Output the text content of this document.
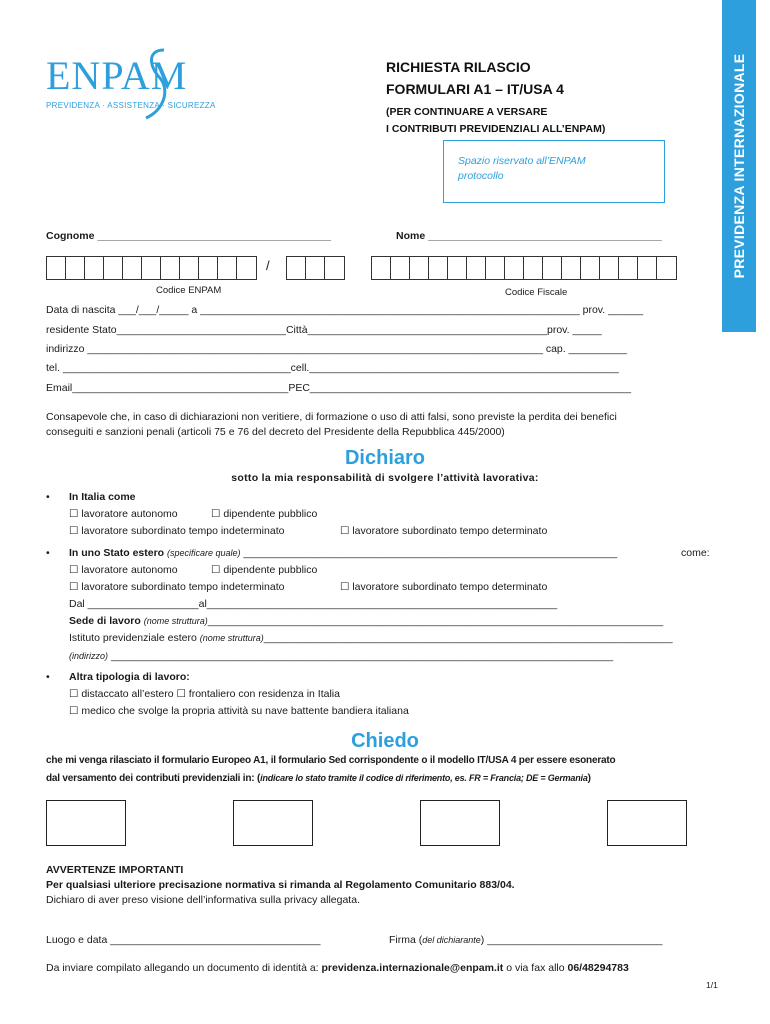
PREVIDENZA INTERNAZIONALE
ENPAM
PREVIDENZA · ASSISTENZA · SICUREZZA
RICHIESTA RILASCIO
FORMULARI A1 – IT/USA 4
(PER CONTINUARE A VERSARE
I CONTRIBUTI PREVIDENZIALI ALL’ENPAM)
Spazio riservato all’ENPAM
protocollo
Cognome ________________________________________	Nome ________________________________________
/
Codice ENPAM	Codice Fiscale
Data di nascita ___/___/_____ a _________________________________________________________________ prov. ______
residente Stato_____________________________Città_________________________________________prov. _____
indirizzo ______________________________________________________________________________ cap. __________
tel. _______________________________________cell._____________________________________________________
Email_____________________________________PEC_______________________________________________________
Consapevole che, in caso di dichiarazioni non veritiere, di formazione o uso di atti falsi, sono previste la perdita dei benefici
conseguiti e sanzioni penali (articoli 75 e 76 del decreto del Presidente della Repubblica 445/2000)
Dichiaro
sotto la mia responsabilità di svolgere l’attività lavorativa:
• In Italia come
☐ lavoratore autonomo	☐ dipendente pubblico
☐ lavoratore subordinato tempo indeterminato	☐ lavoratore subordinato tempo determinato
• In uno Stato estero (specificare quale) ________________________________________________________________	come:
☐ lavoratore autonomo	☐ dipendente pubblico
☐ lavoratore subordinato tempo indeterminato	☐ lavoratore subordinato tempo determinato
Dal ___________________al____________________________________________________________
Sede di lavoro (nome struttura)______________________________________________________________________________
Istituto previdenziale estero (nome struttura)______________________________________________________________________
(indirizzo) ______________________________________________________________________________________
• Altra tipologia di lavoro:
☐ distaccato all’estero ☐ frontaliero con residenza in Italia
☐ medico che svolge la propria attività su nave battente bandiera italiana
Chiedo
che mi venga rilasciato il formulario Europeo A1, il formulario Sed corrispondente o il modello IT/USA 4 per essere esonerato
dal versamento dei contributi previdenziali in: (indicare lo stato tramite il codice di riferimento, es. FR = Francia; DE = Germania)
AVVERTENZE IMPORTANTI
Per qualsiasi ulteriore precisazione normativa si rimanda al Regolamento Comunitario 883/04.
Dichiaro di aver preso visione dell’informativa sulla privacy allegata.
Luogo e data ____________________________________	Firma (del dichiarante) ______________________________
Da inviare compilato allegando un documento di identità a: previdenza.internazionale@enpam.it o via fax allo 06/48294783
1/1
